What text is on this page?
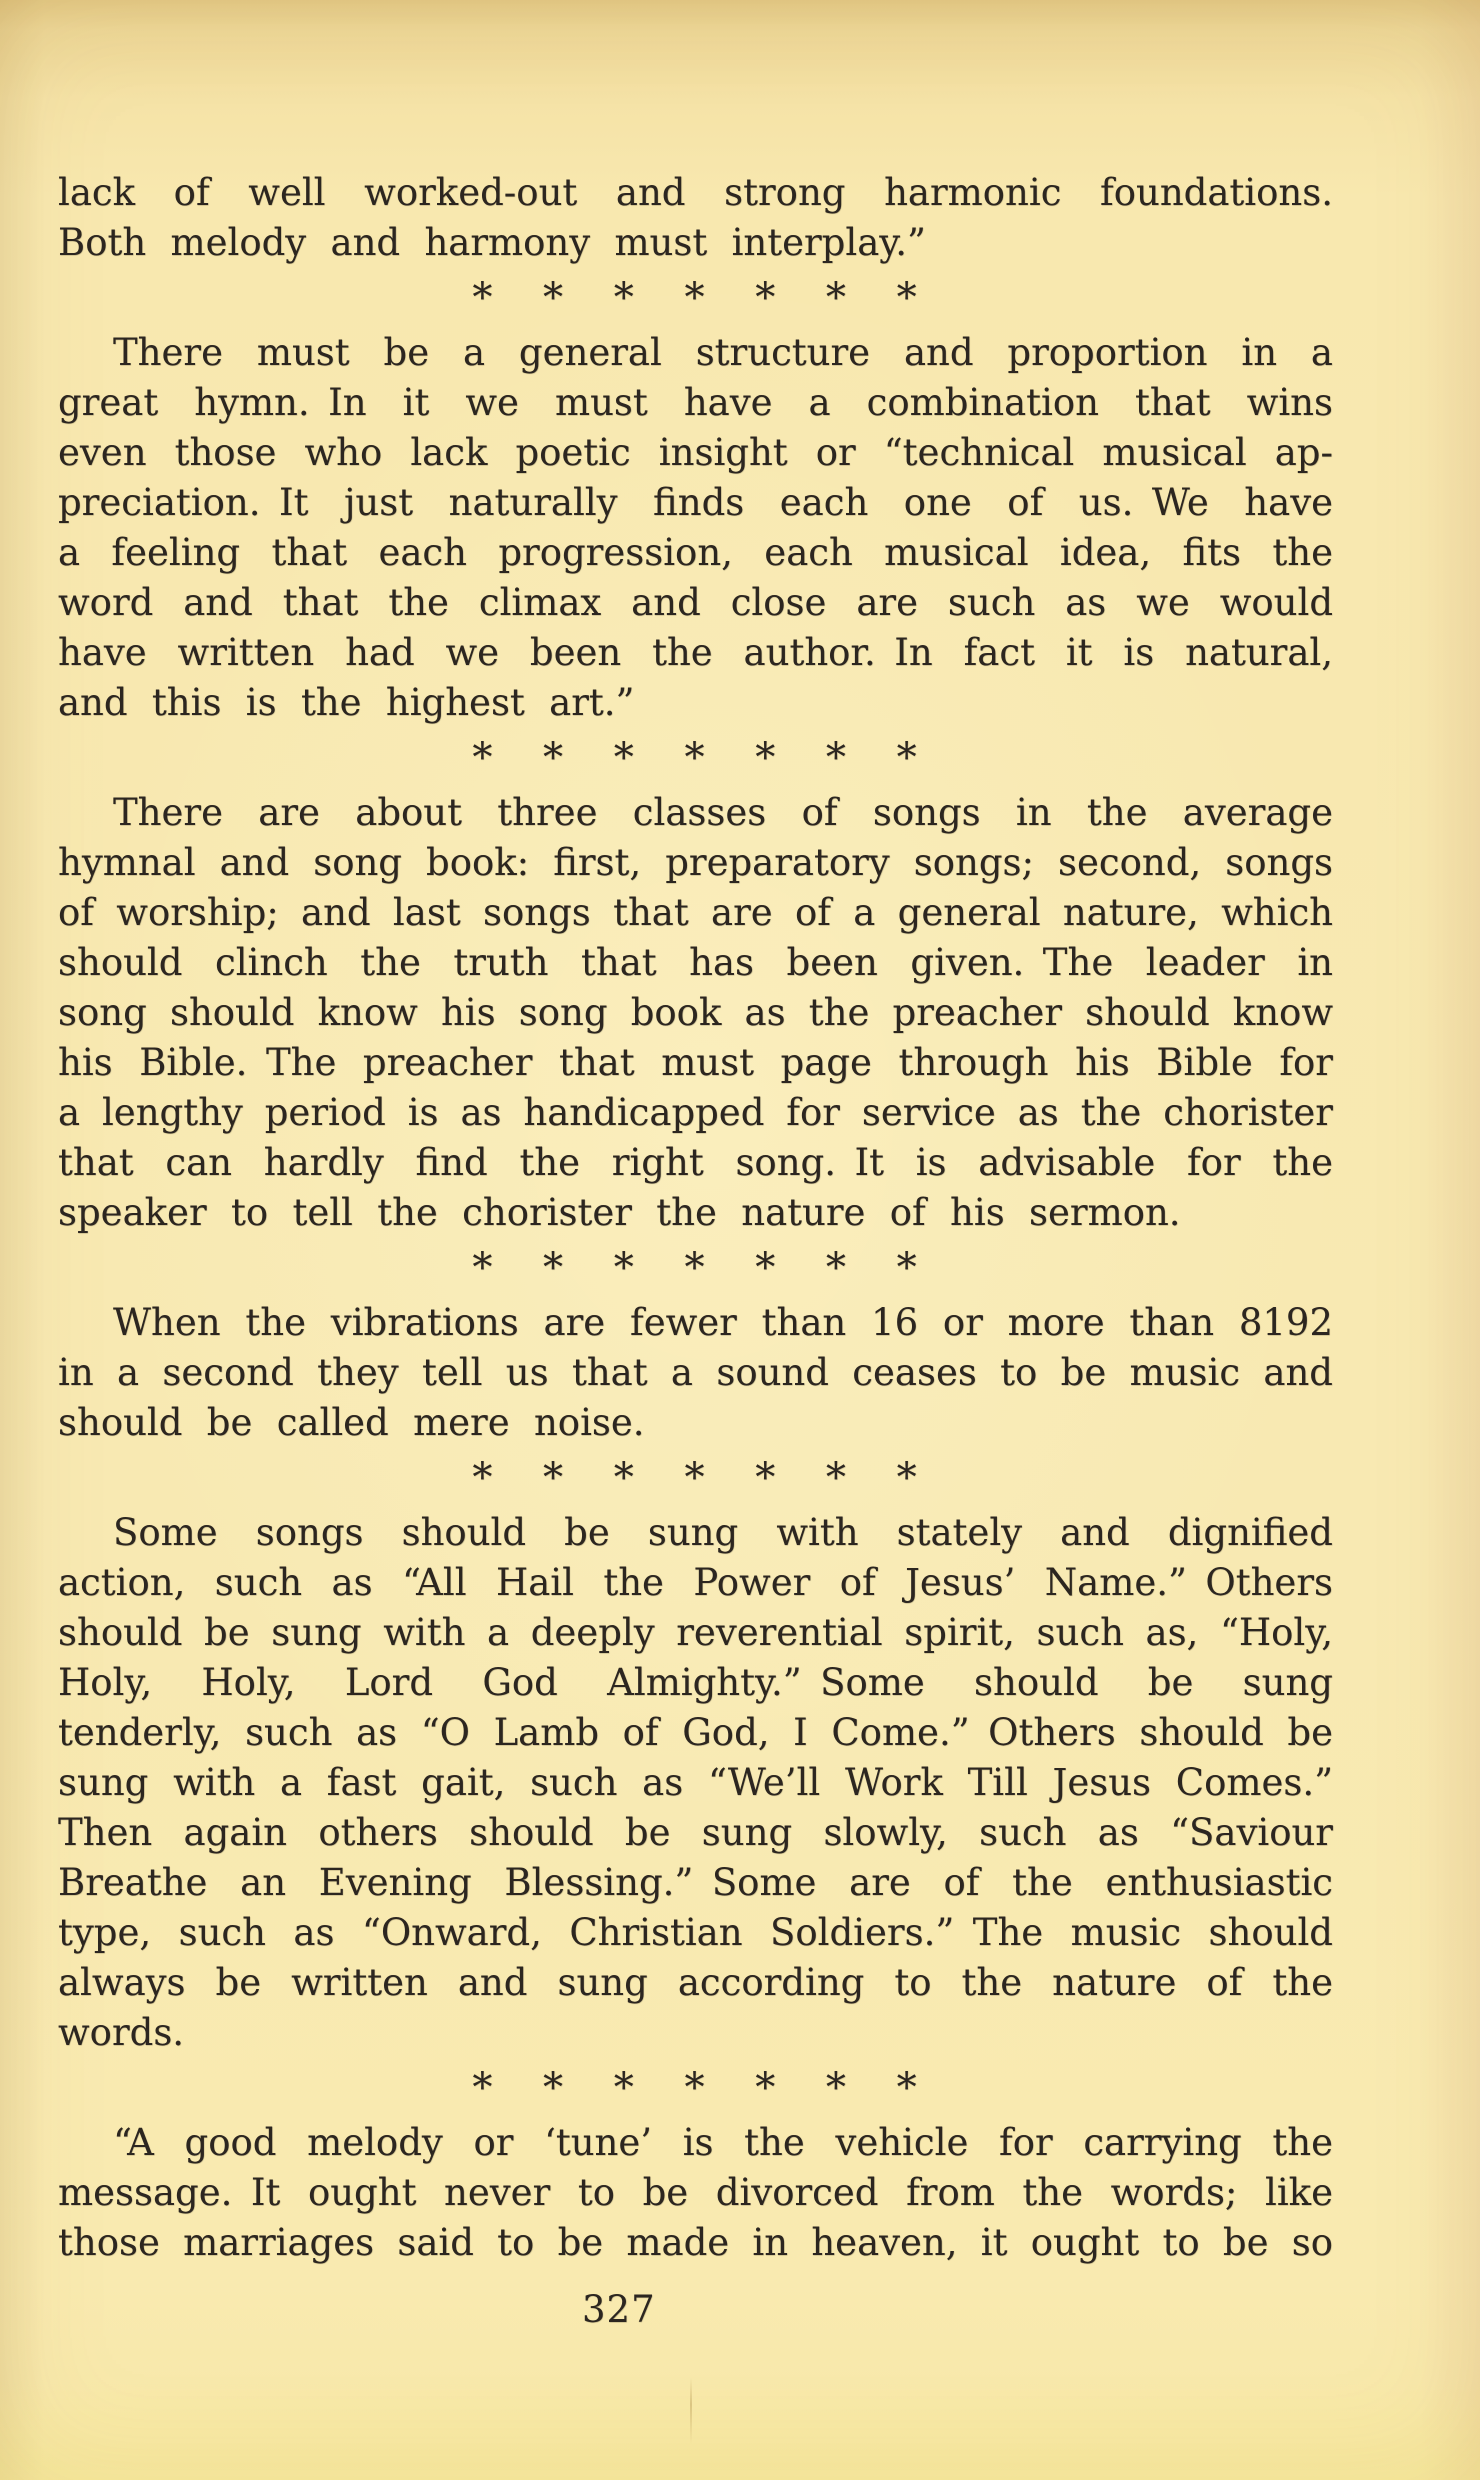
lack of well worked-out and strong harmonic foundations.
Both melody and harmony must interplay.”
* * * * * * *
There must be a general structure and proportion in a
great hymn. In it we must have a combination that wins
even those who lack poetic insight or “technical musical ap-
preciation. It just naturally finds each one of us. We have
a feeling that each progression, each musical idea, fits the
word and that the climax and close are such as we would
have written had we been the author. In fact it is natural,
and this is the highest art.”
* * * * * * *
There are about three classes of songs in the average
hymnal and song book: first, preparatory songs; second, songs
of worship; and last songs that are of a general nature, which
should clinch the truth that has been given. The leader in
song should know his song book as the preacher should know
his Bible. The preacher that must page through his Bible for
a lengthy period is as handicapped for service as the chorister
that can hardly find the right song. It is advisable for the
speaker to tell the chorister the nature of his sermon.
* * * * * * *
When the vibrations are fewer than 16 or more than 8192
in a second they tell us that a sound ceases to be music and
should be called mere noise.
* * * * * * *
Some songs should be sung with stately and dignified
action, such as “All Hail the Power of Jesus’ Name.” Others
should be sung with a deeply reverential spirit, such as, “Holy,
Holy, Holy, Lord God Almighty.” Some should be sung
tenderly, such as “O Lamb of God, I Come.” Others should be
sung with a fast gait, such as “We’ll Work Till Jesus Comes.”
Then again others should be sung slowly, such as “Saviour
Breathe an Evening Blessing.” Some are of the enthusiastic
type, such as “Onward, Christian Soldiers.” The music should
always be written and sung according to the nature of the
words.
* * * * * * *
“A good melody or ‘tune’ is the vehicle for carrying the
message. It ought never to be divorced from the words; like
those marriages said to be made in heaven, it ought to be so
327
